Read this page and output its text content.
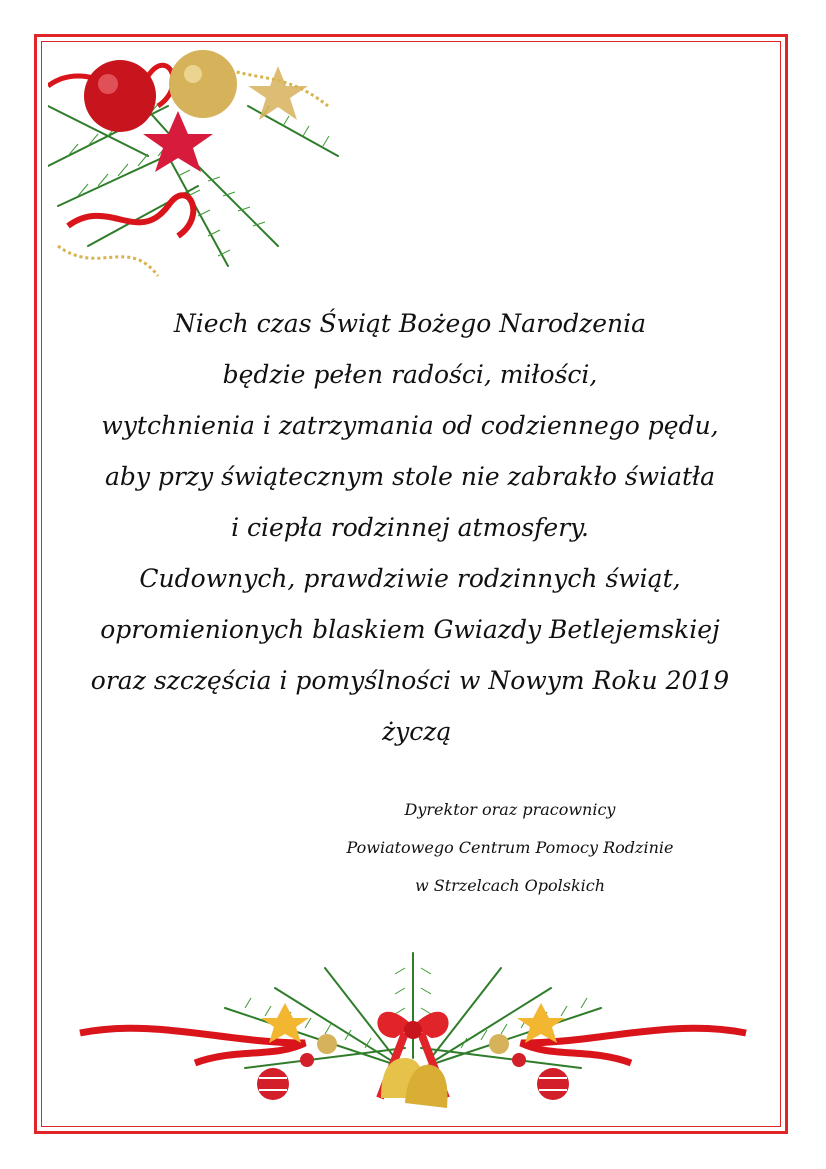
Niech czas Świąt Bożego Narodzenia
będzie pełen radości, miłości,
wytchnienia i zatrzymania od codziennego pędu,
aby przy świątecznym stole nie zabrakło światła
i ciepła rodzinnej atmosfery.
Cudownych, prawdziwie rodzinnych świąt,
opromienionych blaskiem Gwiazdy Betlejemskiej
oraz szczęścia i pomyślności w Nowym Roku 2019
życzą
Dyrektor oraz pracownicy
Powiatowego Centrum Pomocy Rodzinie
w Strzelcach Opolskich
